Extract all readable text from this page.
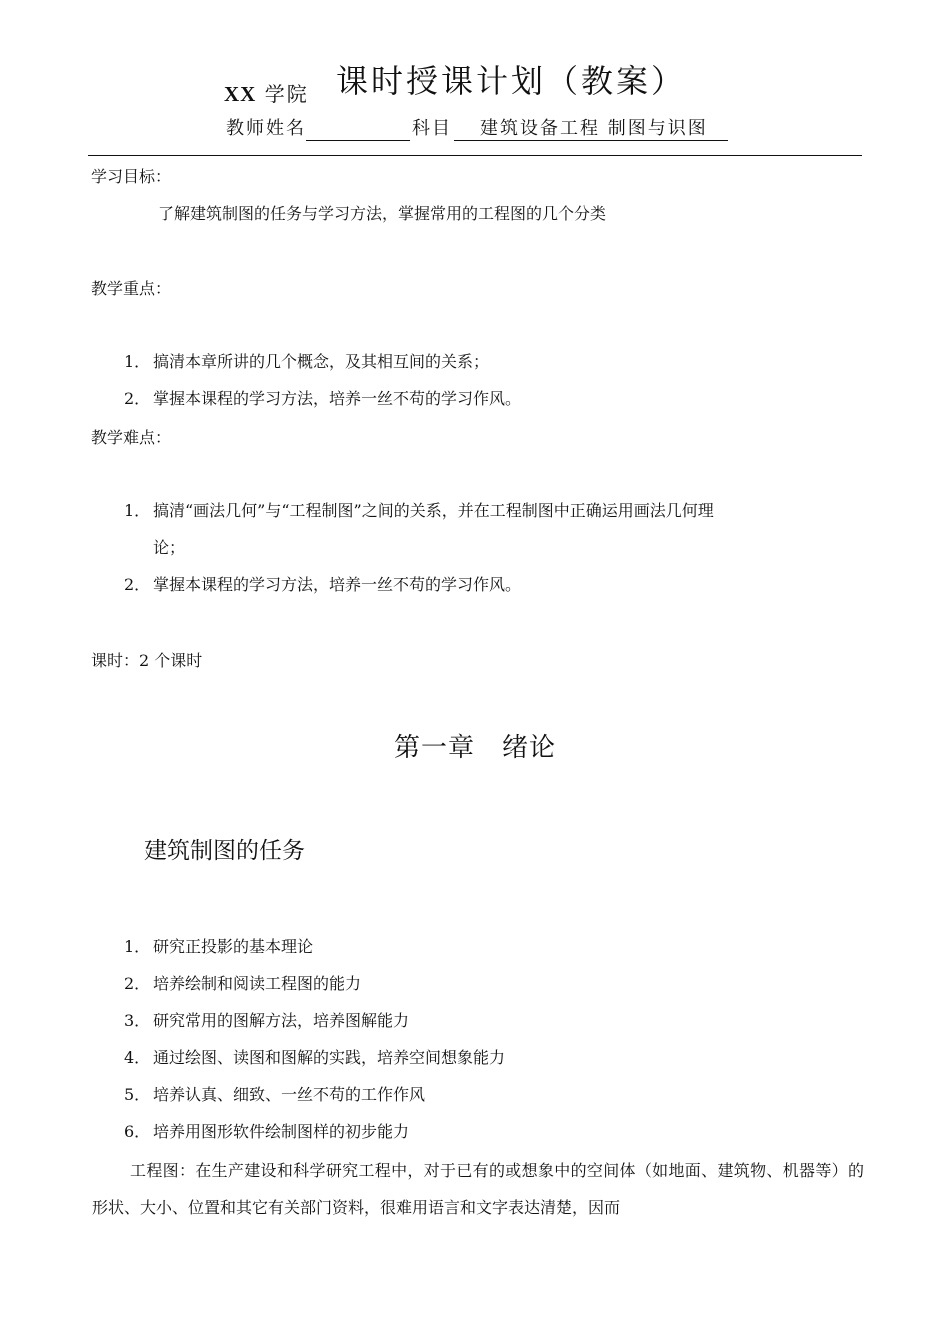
XX 学院 课时授课计划（教案）
教师姓名	科目 建筑设备工程 制图与识图
学习目标：
了解建筑制图的任务与学习方法，掌握常用的工程图的几个分类
教学重点：
1． 搞清本章所讲的几个概念，及其相互间的关系；
2． 掌握本课程的学习方法，培养一丝不苟的学习作风。
教学难点：
1． 搞清“画法几何”与“工程制图”之间的关系，并在工程制图中正确运用画法几何理
论；
2． 掌握本课程的学习方法，培养一丝不苟的学习作风。
课时：2 个课时
第一章　绪论
建筑制图的任务
1． 研究正投影的基本理论
2． 培养绘制和阅读工程图的能力
3． 研究常用的图解方法，培养图解能力
4． 通过绘图、读图和图解的实践，培养空间想象能力
5． 培养认真、细致、一丝不苟的工作作风
6． 培养用图形软件绘制图样的初步能力
工程图：在生产建设和科学研究工程中，对于已有的或想象中的空间体（如地面、建筑物、机器等）的形状、大小、位置和其它有关部门资料，很难用语言和文字表达清楚，因而
